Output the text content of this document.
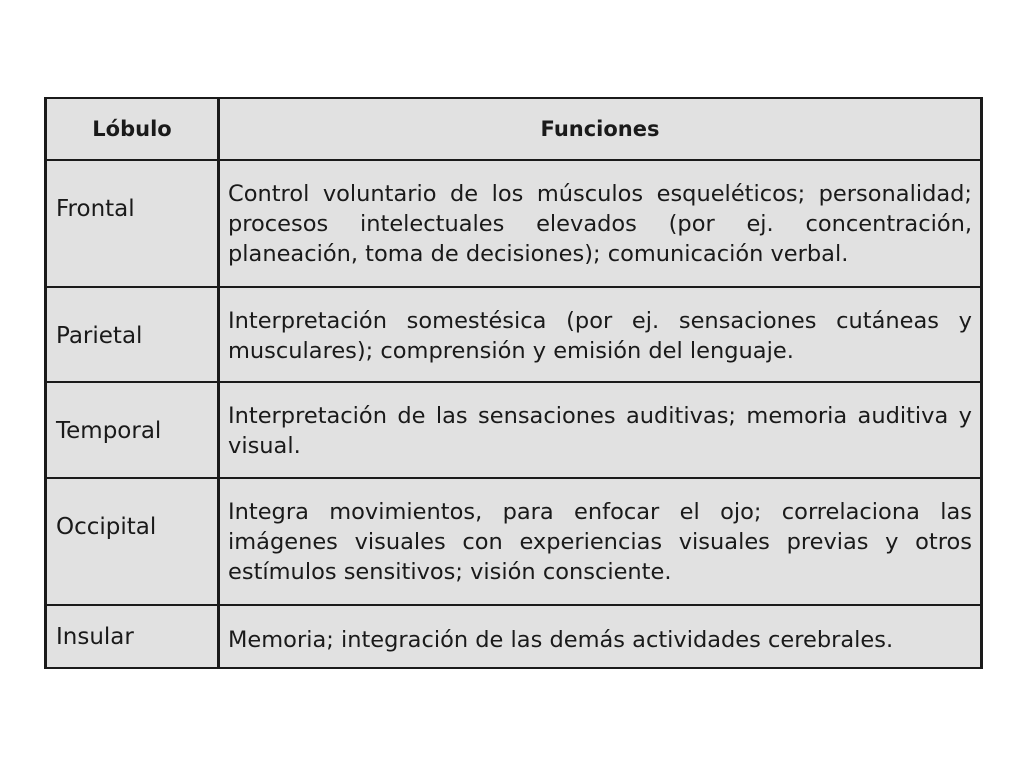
Lóbulo	Funciones
Frontal	Control voluntario de los músculos esqueléticos; personalidad; procesos intelectuales elevados (por ej. concentración, planeación, toma de decisiones); comunicación verbal.
Parietal	Interpretación somestésica (por ej. sensaciones cutáneas y musculares); comprensión y emisión del lenguaje.
Temporal	Interpretación de las sensaciones auditivas; memoria auditiva y visual.
Occipital	Integra movimientos, para enfocar el ojo; correlaciona las imágenes visuales con experiencias visuales previas y otros estímulos sensitivos; visión consciente.
Insular	Memoria; integración de las demás actividades cerebrales.
